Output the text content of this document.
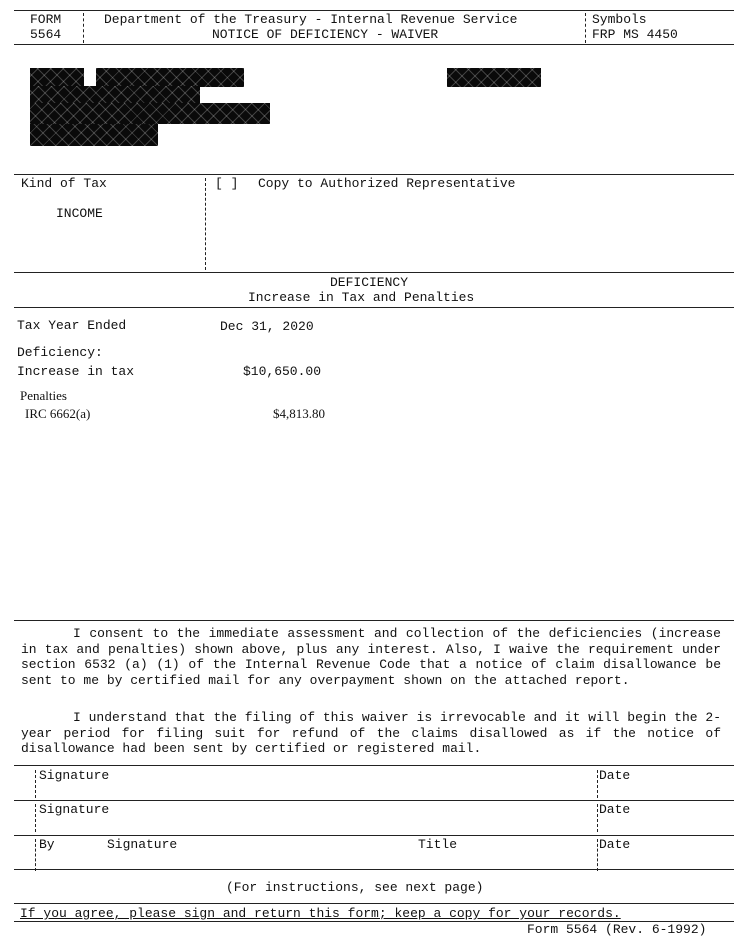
FORM
5564
Department of the Treasury - Internal Revenue Service
NOTICE OF DEFICIENCY - WAIVER
Symbols
FRP MS 4450
Kind of Tax
INCOME
[ ] Copy to Authorized Representative
DEFICIENCY
Increase in Tax and Penalties
Tax Year Ended	Dec 31, 2020
Deficiency:
Increase in tax	$10,650.00
Penalties
IRC 6662(a)	$4,813.80
I consent to the immediate assessment and collection of the deficiencies (increase in tax and penalties) shown above, plus any interest. Also, I waive the requirement under section 6532 (a) (1) of the Internal Revenue Code that a notice of claim disallowance be sent to me by certified mail for any overpayment shown on the attached report.
I understand that the filing of this waiver is irrevocable and it will begin the 2-year period for filing suit for refund of the claims disallowed as if the notice of disallowance had been sent by certified or registered mail.
Signature	Date
Signature	Date
By	Signature	Title	Date
(For instructions, see next page)
If you agree, please sign and return this form; keep a copy for your records.
Form 5564 (Rev. 6-1992)
